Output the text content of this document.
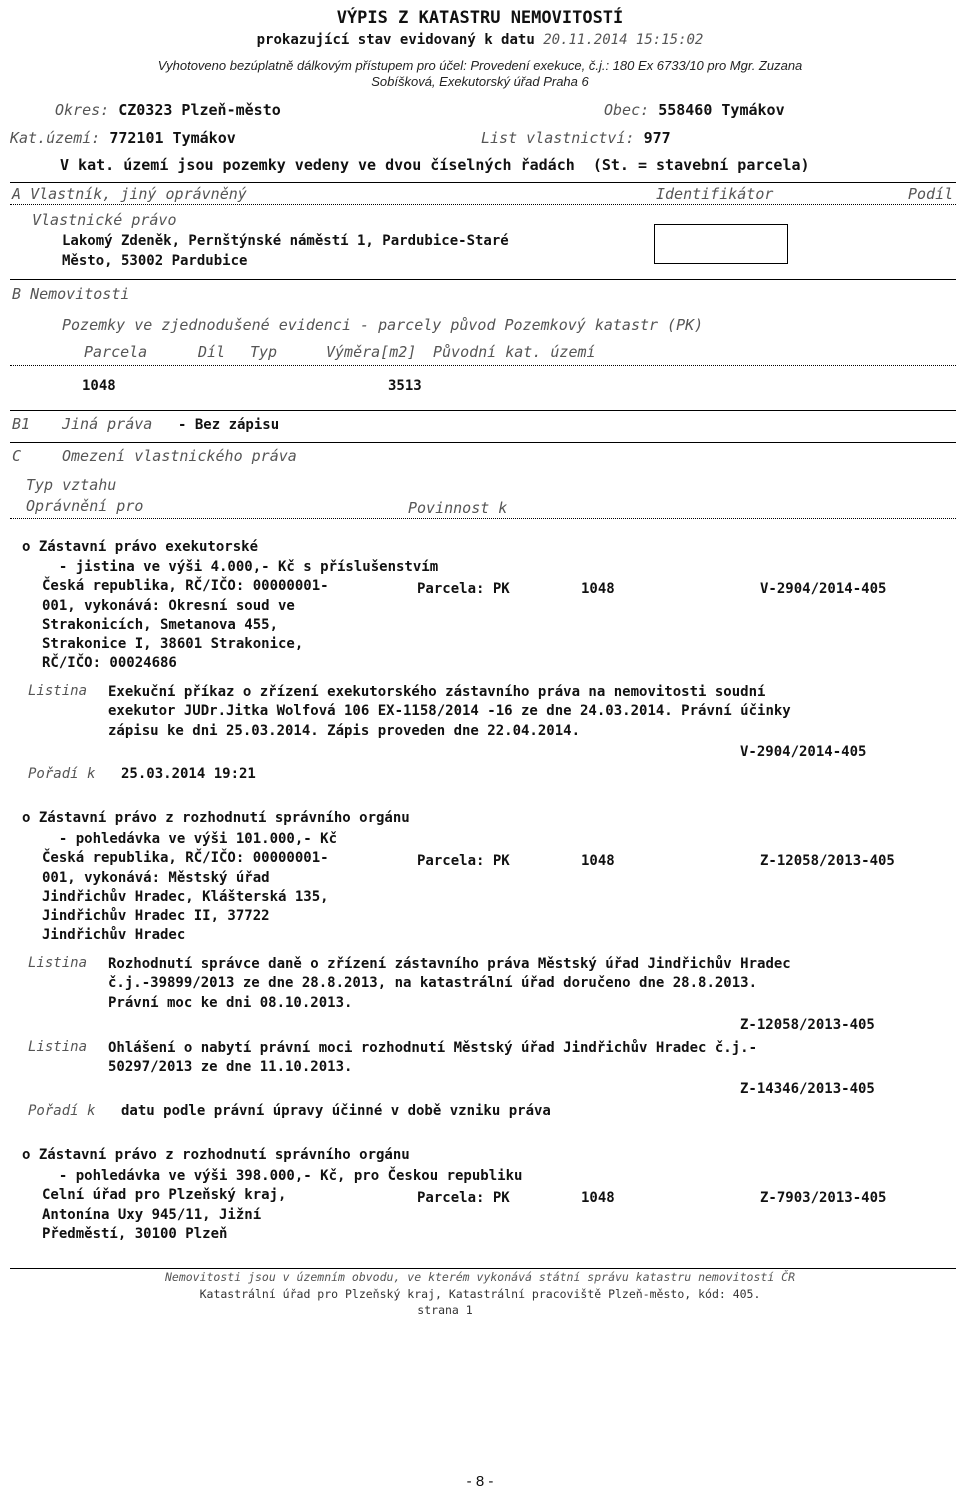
VÝPIS Z KATASTRU NEMOVITOSTÍ
prokazující stav evidovaný k datu 20.11.2014 15:15:02
Vyhotoveno bezúplatně dálkovým přístupem pro účel: Provedení exekuce, č.j.: 180 Ex 6733/10 pro Mgr. Zuzana
Sobíšková, Exekutorský úřad Praha 6
Okres: CZ0323 Plzeň-město	Obec: 558460 Tymákov
Kat.území: 772101 Tymákov	List vlastnictví: 977
V kat. území jsou pozemky vedeny ve dvou číselných řadách  (St. = stavební parcela)
A Vlastník, jiný oprávněný	Identifikátor	Podíl
Vlastnické právo
Lakomý Zdeněk, Pernštýnské náměstí 1, Pardubice-Staré
Město, 53002 Pardubice
B Nemovitosti
Pozemky ve zjednodušené evidenci - parcely původ Pozemkový katastr (PK)
Parcela	Díl Typ	Výměra[m2] Původní kat. území
1048	3513
B1 Jiná práva - Bez zápisu
C	Omezení vlastnického práva
Typ vztahu
Oprávnění pro	Povinnost k
o Zástavní právo exekutorské
- jistina ve výši 4.000,- Kč s příslušenstvím
Česká republika, RČ/IČO: 00000001-
001, vykonává: Okresní soud ve
Strakonicích, Smetanova 455,
Strakonice I, 38601 Strakonice,
RČ/IČO: 00024686
Parcela: PK	1048	V-2904/2014-405
Listina Exekuční příkaz o zřízení exekutorského zástavního práva na nemovitosti soudní
exekutor JUDr.Jitka Wolfová 106 EX-1158/2014 -16 ze dne 24.03.2014. Právní účinky
zápisu ke dni 25.03.2014. Zápis proveden dne 22.04.2014.
V-2904/2014-405
Pořadí k 25.03.2014 19:21
o Zástavní právo z rozhodnutí správního orgánu
- pohledávka ve výši 101.000,- Kč
Česká republika, RČ/IČO: 00000001-
001, vykonává: Městský úřad
Jindřichův Hradec, Klášterská 135,
Jindřichův Hradec II, 37722
Jindřichův Hradec
Parcela: PK	1048	Z-12058/2013-405
Listina Rozhodnutí správce daně o zřízení zástavního práva Městský úřad Jindřichův Hradec
č.j.-39899/2013 ze dne 28.8.2013, na katastrální úřad doručeno dne 28.8.2013.
Právní moc ke dni 08.10.2013.
Z-12058/2013-405
Listina Ohlášení o nabytí právní moci rozhodnutí Městský úřad Jindřichův Hradec č.j.-
50297/2013 ze dne 11.10.2013.
Z-14346/2013-405
Pořadí k datu podle právní úpravy účinné v době vzniku práva
o Zástavní právo z rozhodnutí správního orgánu
- pohledávka ve výši 398.000,- Kč, pro Českou republiku
Celní úřad pro Plzeňský kraj,
Antonína Uxy 945/11, Jižní
Předměstí, 30100 Plzeň
Parcela: PK	1048	Z-7903/2013-405
Nemovitosti jsou v územním obvodu, ve kterém vykonává státní správu katastru nemovitostí ČR
Katastrální úřad pro Plzeňský kraj, Katastrální pracoviště Plzeň-město, kód: 405.
strana 1
- 8 -
